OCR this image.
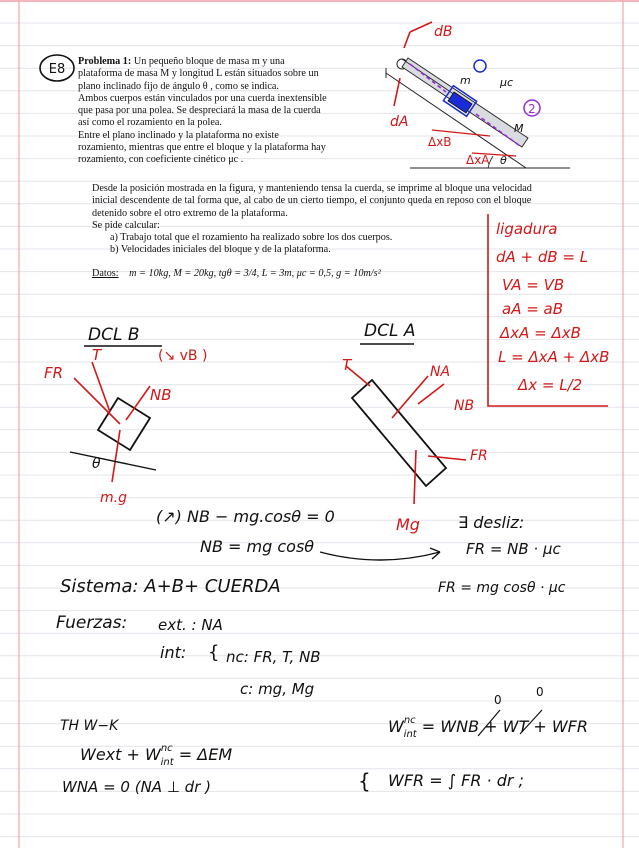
E8
Problema 1: Un pequeño bloque de masa m y una
plataforma de masa M y longitud L están situados sobre un
plano inclinado fijo de ángulo θ , como se indica.
Ambos cuerpos están vinculados por una cuerda inextensible
que pasa por una polea. Se despreciará la masa de la cuerda
así como el rozamiento en la polea.
Entre el plano inclinado y la plataforma no existe
rozamiento, mientras que entre el bloque y la plataforma hay
rozamiento, con coeficiente cinético μc .
Desde la posición mostrada en la figura, y manteniendo tensa la cuerda, se imprime al bloque una velocidad
inicial descendente de tal forma que, al cabo de un cierto tiempo, el conjunto queda en reposo con el bloque
detenido sobre el otro extremo de la plataforma.
Se pide calcular:
a) Trabajo total que el rozamiento ha realizado sobre los dos cuerpos.
b) Velocidades iniciales del bloque y de la plataforma.
Datos: m = 10kg, M = 20kg, tgθ = 3/4, L = 3m, μc = 0,5, g = 10m/s²
dB
dA
B	2
ΔxB
ΔxA
m	μc
M
θ
ligadura
dA + dB = L
VA = VB
aA = aB
ΔxA = ΔxB
L = ΔxA + ΔxB
Δx = L/2
DCL B
(↘ vB )
FR
T
NB
m.g
θ
DCL A
T	NA
NB
FR
Mg
(↗) NB − mg.cosθ = 0
NB = mg cosθ
∃ desliz:
FR = NB · μc
FR = mg cosθ · μc
Sistema: A+B+ CUERDA
Fuerzas: ext. : NA
int: { nc: FR, T, NB
c: mg, Mg
TH W−K
Wext + $W^{nc}$ int = ΔEM
WNA = 0 (NA ⊥ dr )	{
$W^{nc}$ int = WNB + WT + WFR
0
0
WFR = ∫ FR · dr ;
